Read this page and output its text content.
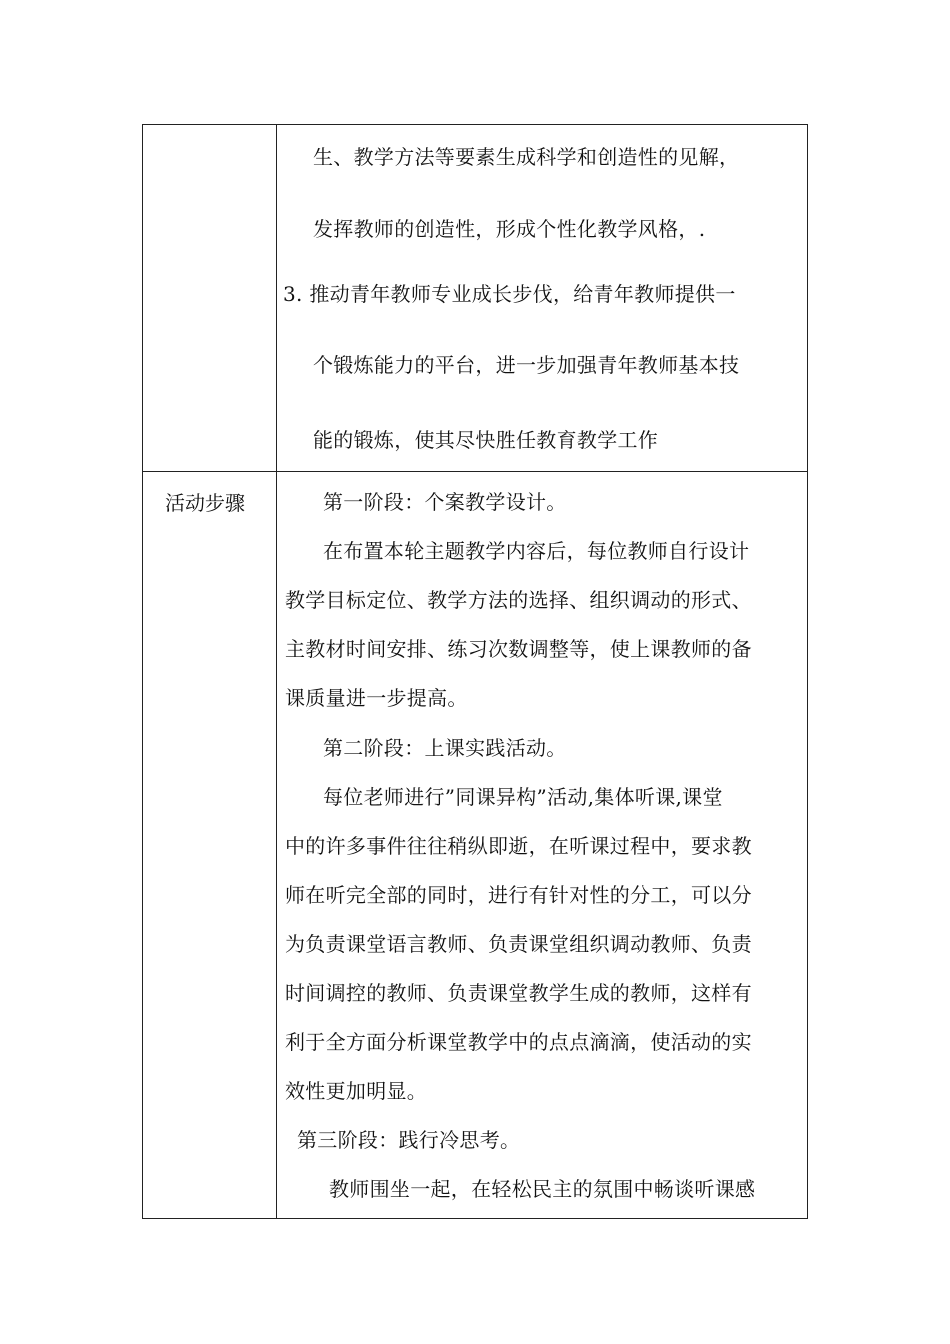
生、教学方法等要素生成科学和创造性的见解，
发挥教师的创造性，形成个性化教学风格，.
3. 推动青年教师专业成长步伐，给青年教师提供一
个锻炼能力的平台，进一步加强青年教师基本技
能的锻炼，使其尽快胜任教育教学工作
活动步骤	第一阶段：个案教学设计。
在布置本轮主题教学内容后，每位教师自行设计
教学目标定位、教学方法的选择、组织调动的形式、
主教材时间安排、练习次数调整等，使上课教师的备
课质量进一步提高。
第二阶段：上课实践活动。
每位老师进行”同课异构”活动,集体听课,课堂
中的许多事件往往稍纵即逝，在听课过程中，要求教
师在听完全部的同时，进行有针对性的分工，可以分
为负责课堂语言教师、负责课堂组织调动教师、负责
时间调控的教师、负责课堂教学生成的教师，这样有
利于全方面分析课堂教学中的点点滴滴，使活动的实
效性更加明显。
第三阶段：践行冷思考。
教师围坐一起，在轻松民主的氛围中畅谈听课感
